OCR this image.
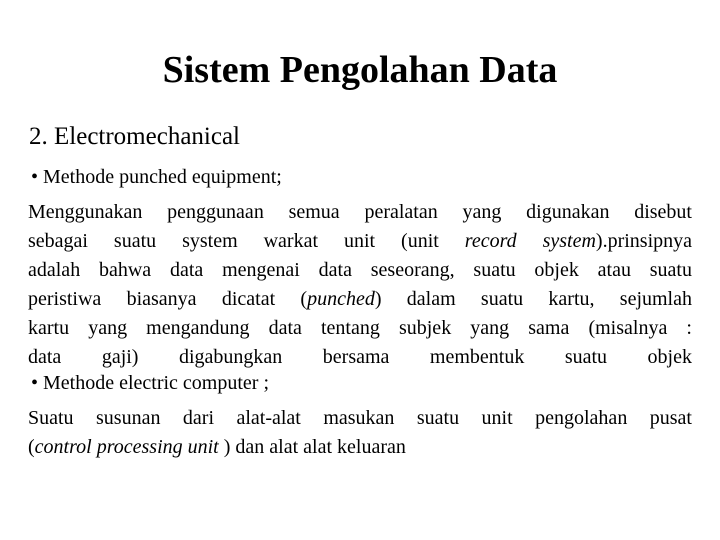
Sistem Pengolahan Data
2. Electromechanical
• Methode punched equipment;
Menggunakan penggunaan semua peralatan yang digunakan disebut
sebagai suatu system warkat unit (unit record system).prinsipnya
adalah bahwa data mengenai data seseorang, suatu objek atau suatu
peristiwa biasanya dicatat (punched) dalam suatu kartu, sejumlah
kartu yang mengandung data tentang subjek yang sama (misalnya :
data gaji) digabungkan bersama membentuk suatu objek
• Methode electric computer ;
Suatu susunan dari alat-alat masukan suatu unit pengolahan pusat
(control processing unit ) dan alat alat keluaran
